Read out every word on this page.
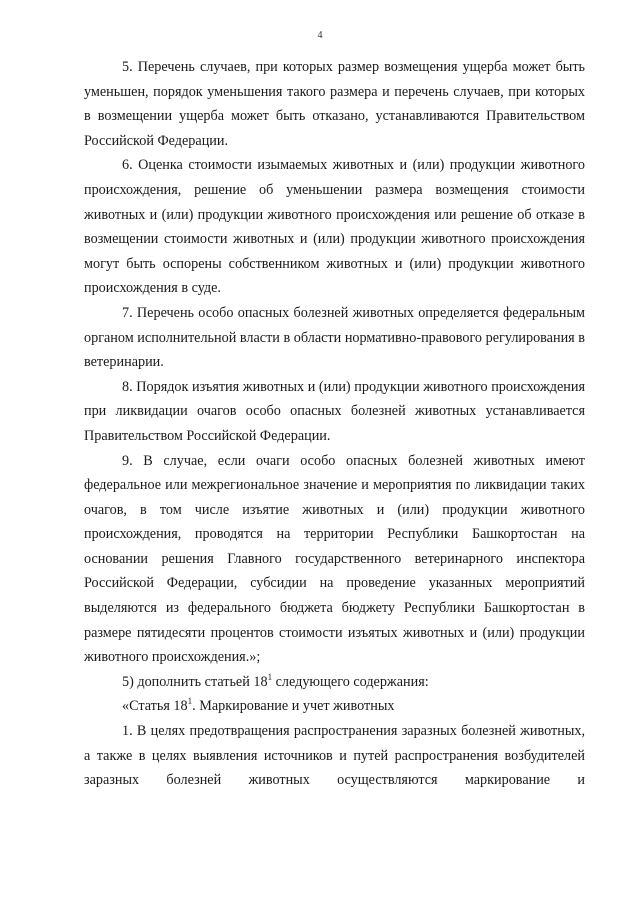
4

5. Перечень случаев, при которых размер возмещения ущерба может быть уменьшен, порядок уменьшения такого размера и перечень случаев, при которых в возмещении ущерба может быть отказано, устанавливаются Правительством Российской Федерации.

6. Оценка стоимости изымаемых животных и (или) продукции животного происхождения, решение об уменьшении размера возмещения стоимости животных и (или) продукции животного происхождения или решение об отказе в возмещении стоимости животных и (или) продукции животного происхождения могут быть оспорены собственником животных и (или) продукции животного происхождения в суде.

7. Перечень особо опасных болезней животных определяется федеральным органом исполнительной власти в области нормативно-правового регулирования в ветеринарии.

8. Порядок изъятия животных и (или) продукции животного происхождения при ликвидации очагов особо опасных болезней животных устанавливается Правительством Российской Федерации.

9. В случае, если очаги особо опасных болезней животных имеют федеральное или межрегиональное значение и мероприятия по ликвидации таких очагов, в том числе изъятие животных и (или) продукции животного происхождения, проводятся на территории Республики Башкортостан на основании решения Главного государственного ветеринарного инспектора Российской Федерации, субсидии на проведение указанных мероприятий выделяются из федерального бюджета бюджету Республики Башкортостан в размере пятидесяти процентов стоимости изъятых животных и (или) продукции животного происхождения.»;

5) дополнить статьей $18^1$ следующего содержания:

«Статья $18^1$. Маркирование и учет животных

1. В целях предотвращения распространения заразных болезней животных, а также в целях выявления источников и путей распространения возбудителей заразных болезней животных осуществляются маркирование и
